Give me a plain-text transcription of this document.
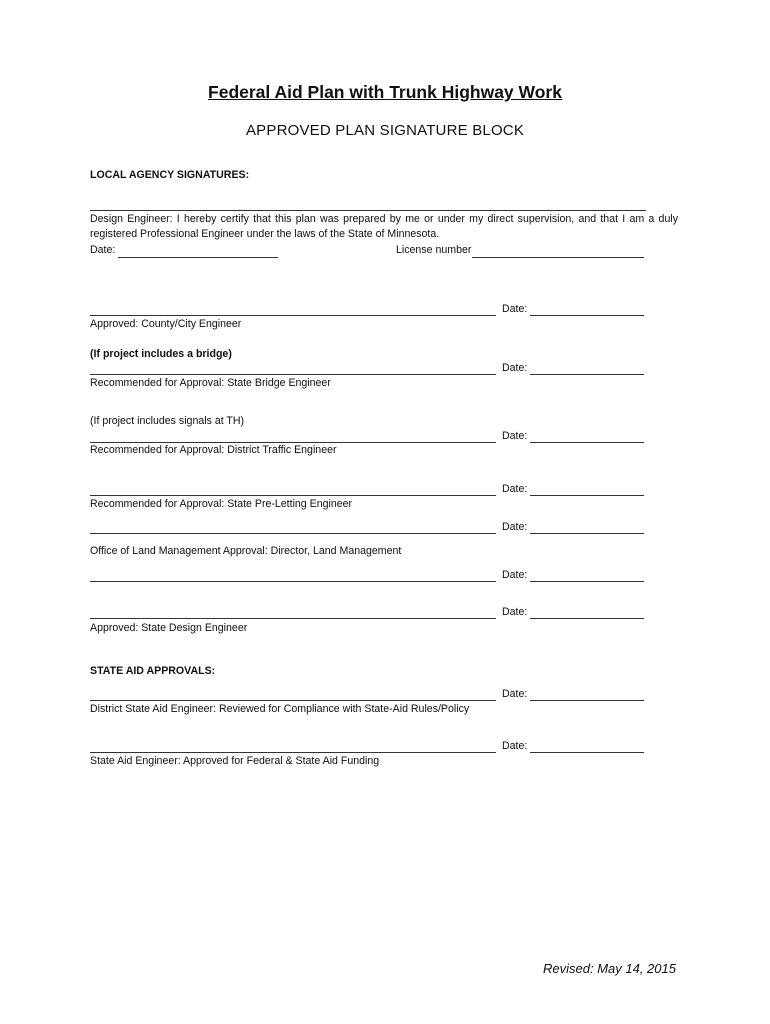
Federal Aid Plan with Trunk Highway Work
APPROVED PLAN SIGNATURE BLOCK
LOCAL AGENCY SIGNATURES:
Design Engineer: I hereby certify that this plan was prepared by me or under my direct supervision, and that I am a duly registered Professional Engineer under the laws of the State of Minnesota.
Date:	License number
Date:
Approved: County/City Engineer
(If project includes a bridge)
Date:
Recommended for Approval: State Bridge Engineer
(If project includes signals at TH)
Date:
Recommended for Approval: District Traffic Engineer
Date:
Recommended for Approval: State Pre-Letting Engineer
Date:
Office of Land Management Approval: Director, Land Management
Date:
Date:
Approved: State Design Engineer
STATE AID APPROVALS:
Date:
District State Aid Engineer: Reviewed for Compliance with State-Aid Rules/Policy
Date:
State Aid Engineer: Approved for Federal & State Aid Funding
Revised: May 14, 2015
